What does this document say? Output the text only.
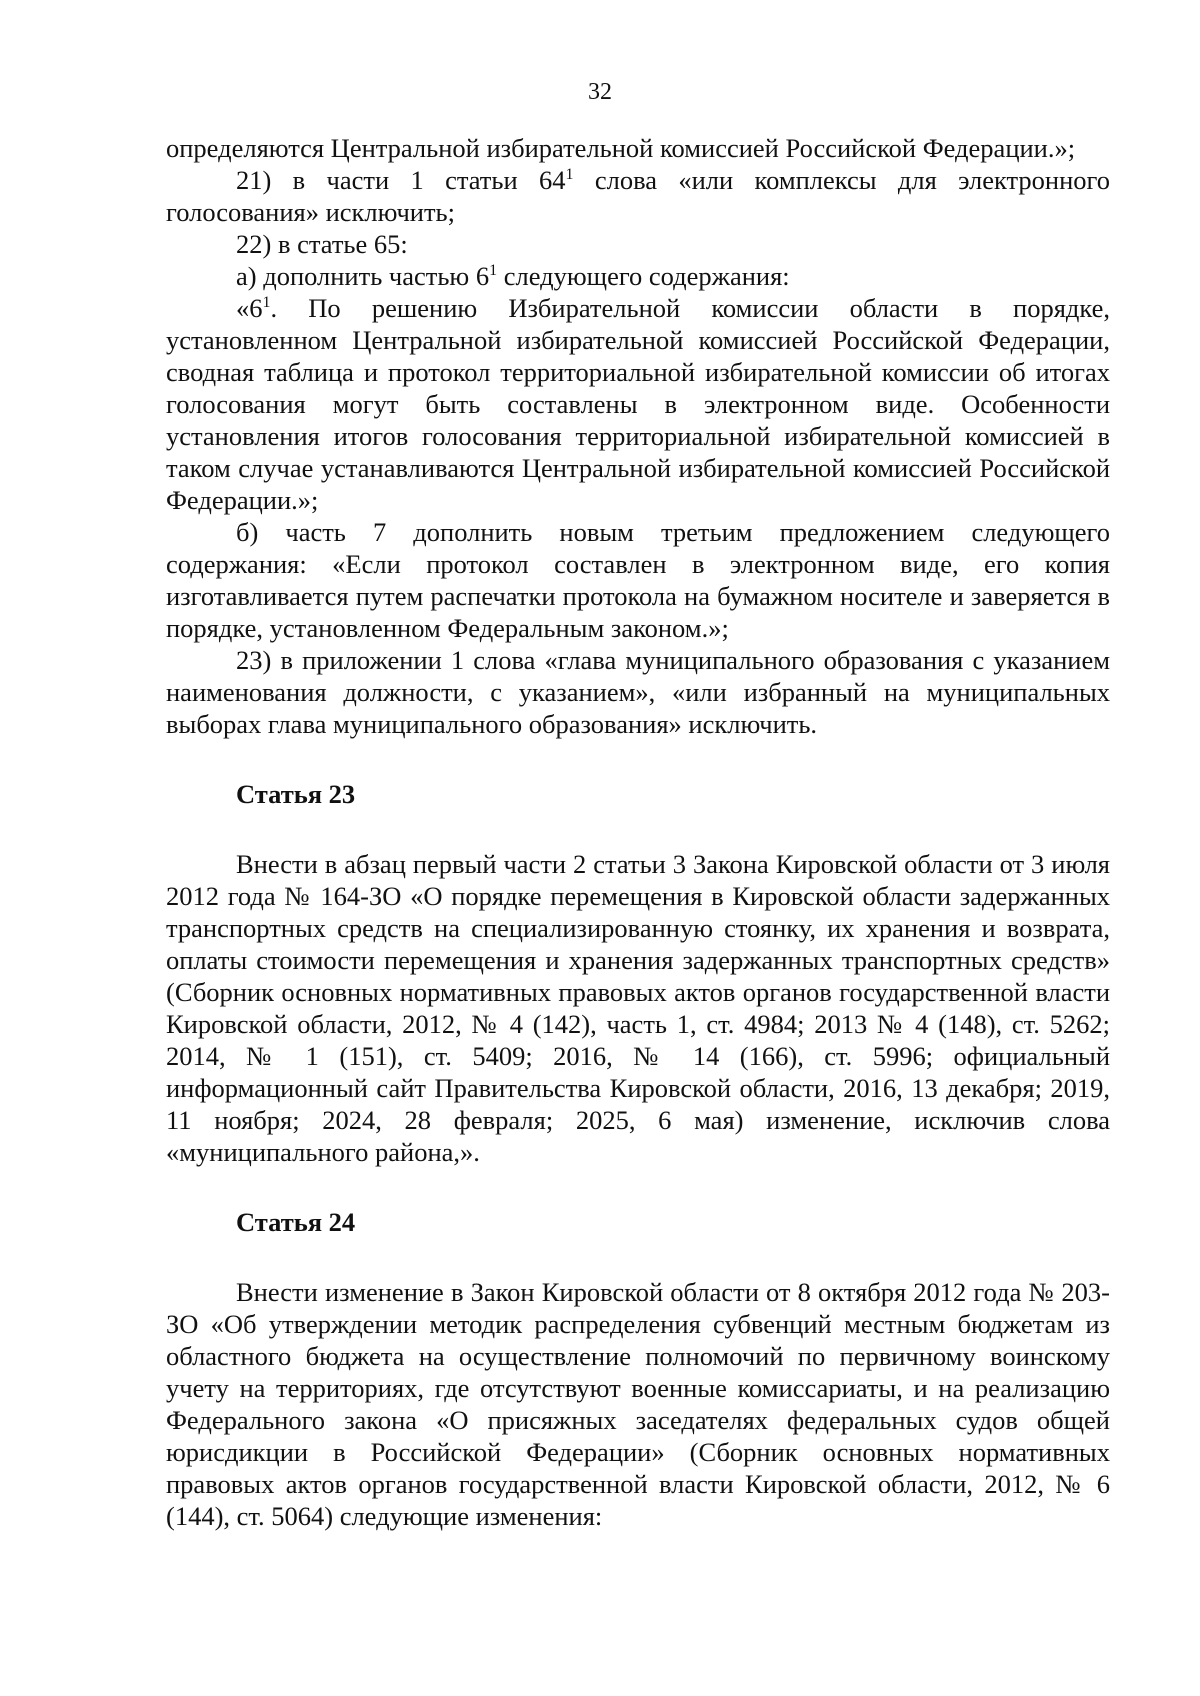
32

определяются Центральной избирательной комиссией Российской Федерации.»;

21) в части 1 статьи $64^1$ слова «или комплексы для электронного голосования» исключить;

22) в статье 65:

а) дополнить частью $6^1$ следующего содержания:

«$6^1$. По решению Избирательной комиссии области в порядке, установленном Центральной избирательной комиссией Российской Федерации, сводная таблица и протокол территориальной избирательной комиссии об итогах голосования могут быть составлены в электронном виде. Особенности установления итогов голосования территориальной избирательной комиссией в таком случае устанавливаются Центральной избирательной комиссией Российской Федерации.»;

б) часть 7 дополнить новым третьим предложением следующего содержания: «Если протокол составлен в электронном виде, его копия изготавливается путем распечатки протокола на бумажном носителе и заверяется в порядке, установленном Федеральным законом.»;

23) в приложении 1 слова «глава муниципального образования с указанием наименования должности, с указанием», «или избранный на муниципальных выборах глава муниципального образования» исключить.

Статья 23

Внести в абзац первый части 2 статьи 3 Закона Кировской области от 3 июля 2012 года № 164-ЗО «О порядке перемещения в Кировской области задержанных транспортных средств на специализированную стоянку, их хранения и возврата, оплаты стоимости перемещения и хранения задержанных транспортных средств» (Сборник основных нормативных правовых актов органов государственной власти Кировской области, 2012, № 4 (142), часть 1, ст. 4984; 2013 № 4 (148), ст. 5262; 2014, № 1 (151), ст. 5409; 2016, № 14 (166), ст. 5996; официальный информационный сайт Правительства Кировской области, 2016, 13 декабря; 2019, 11 ноября; 2024, 28 февраля; 2025, 6 мая) изменение, исключив слова «муниципального района,».

Статья 24

Внести изменение в Закон Кировской области от 8 октября 2012 года № 203-ЗО «Об утверждении методик распределения субвенций местным бюджетам из областного бюджета на осуществление полномочий по первичному воинскому учету на территориях, где отсутствуют военные комиссариаты, и на реализацию Федерального закона «О присяжных заседателях федеральных судов общей юрисдикции в Российской Федерации» (Сборник основных нормативных правовых актов органов государственной власти Кировской области, 2012, № 6 (144), ст. 5064) следующие изменения:
